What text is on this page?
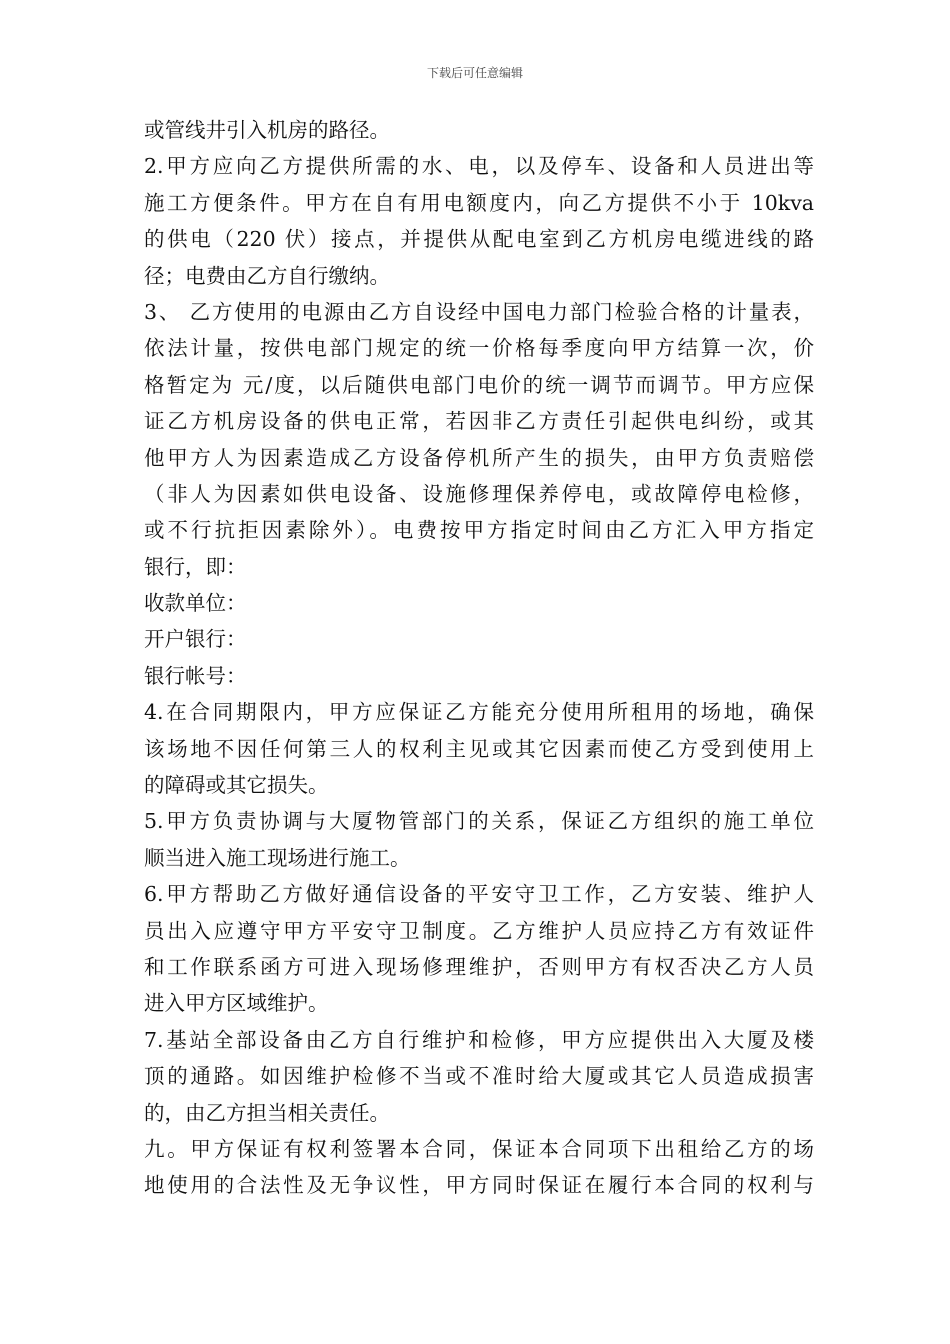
下载后可任意编辑
或管线井引入机房的路径。
2.甲方应向乙方提供所需的水、电，以及停车、设备和人员进出等
施工方便条件。甲方在自有用电额度内，向乙方提供不小于 10kva
的供电（220 伏）接点，并提供从配电室到乙方机房电缆进线的路
径；电费由乙方自行缴纳。
3、 乙方使用的电源由乙方自设经中国电力部门检验合格的计量表，
依法计量，按供电部门规定的统一价格每季度向甲方结算一次，价
格暂定为 元/度，以后随供电部门电价的统一调节而调节。甲方应保
证乙方机房设备的供电正常，若因非乙方责任引起供电纠纷，或其
他甲方人为因素造成乙方设备停机所产生的损失，由甲方负责赔偿
（非人为因素如供电设备、设施修理保养停电，或故障停电检修，
或不行抗拒因素除外）。电费按甲方指定时间由乙方汇入甲方指定
银行，即：
收款单位：
开户银行：
银行帐号：
4.在合同期限内，甲方应保证乙方能充分使用所租用的场地，确保
该场地不因任何第三人的权利主见或其它因素而使乙方受到使用上
的障碍或其它损失。
5.甲方负责协调与大厦物管部门的关系，保证乙方组织的施工单位
顺当进入施工现场进行施工。
6.甲方帮助乙方做好通信设备的平安守卫工作，乙方安装、维护人
员出入应遵守甲方平安守卫制度。乙方维护人员应持乙方有效证件
和工作联系函方可进入现场修理维护，否则甲方有权否决乙方人员
进入甲方区域维护。
7.基站全部设备由乙方自行维护和检修，甲方应提供出入大厦及楼
顶的通路。如因维护检修不当或不准时给大厦或其它人员造成损害
的，由乙方担当相关责任。
九。甲方保证有权利签署本合同，保证本合同项下出租给乙方的场
地使用的合法性及无争议性，甲方同时保证在履行本合同的权利与
